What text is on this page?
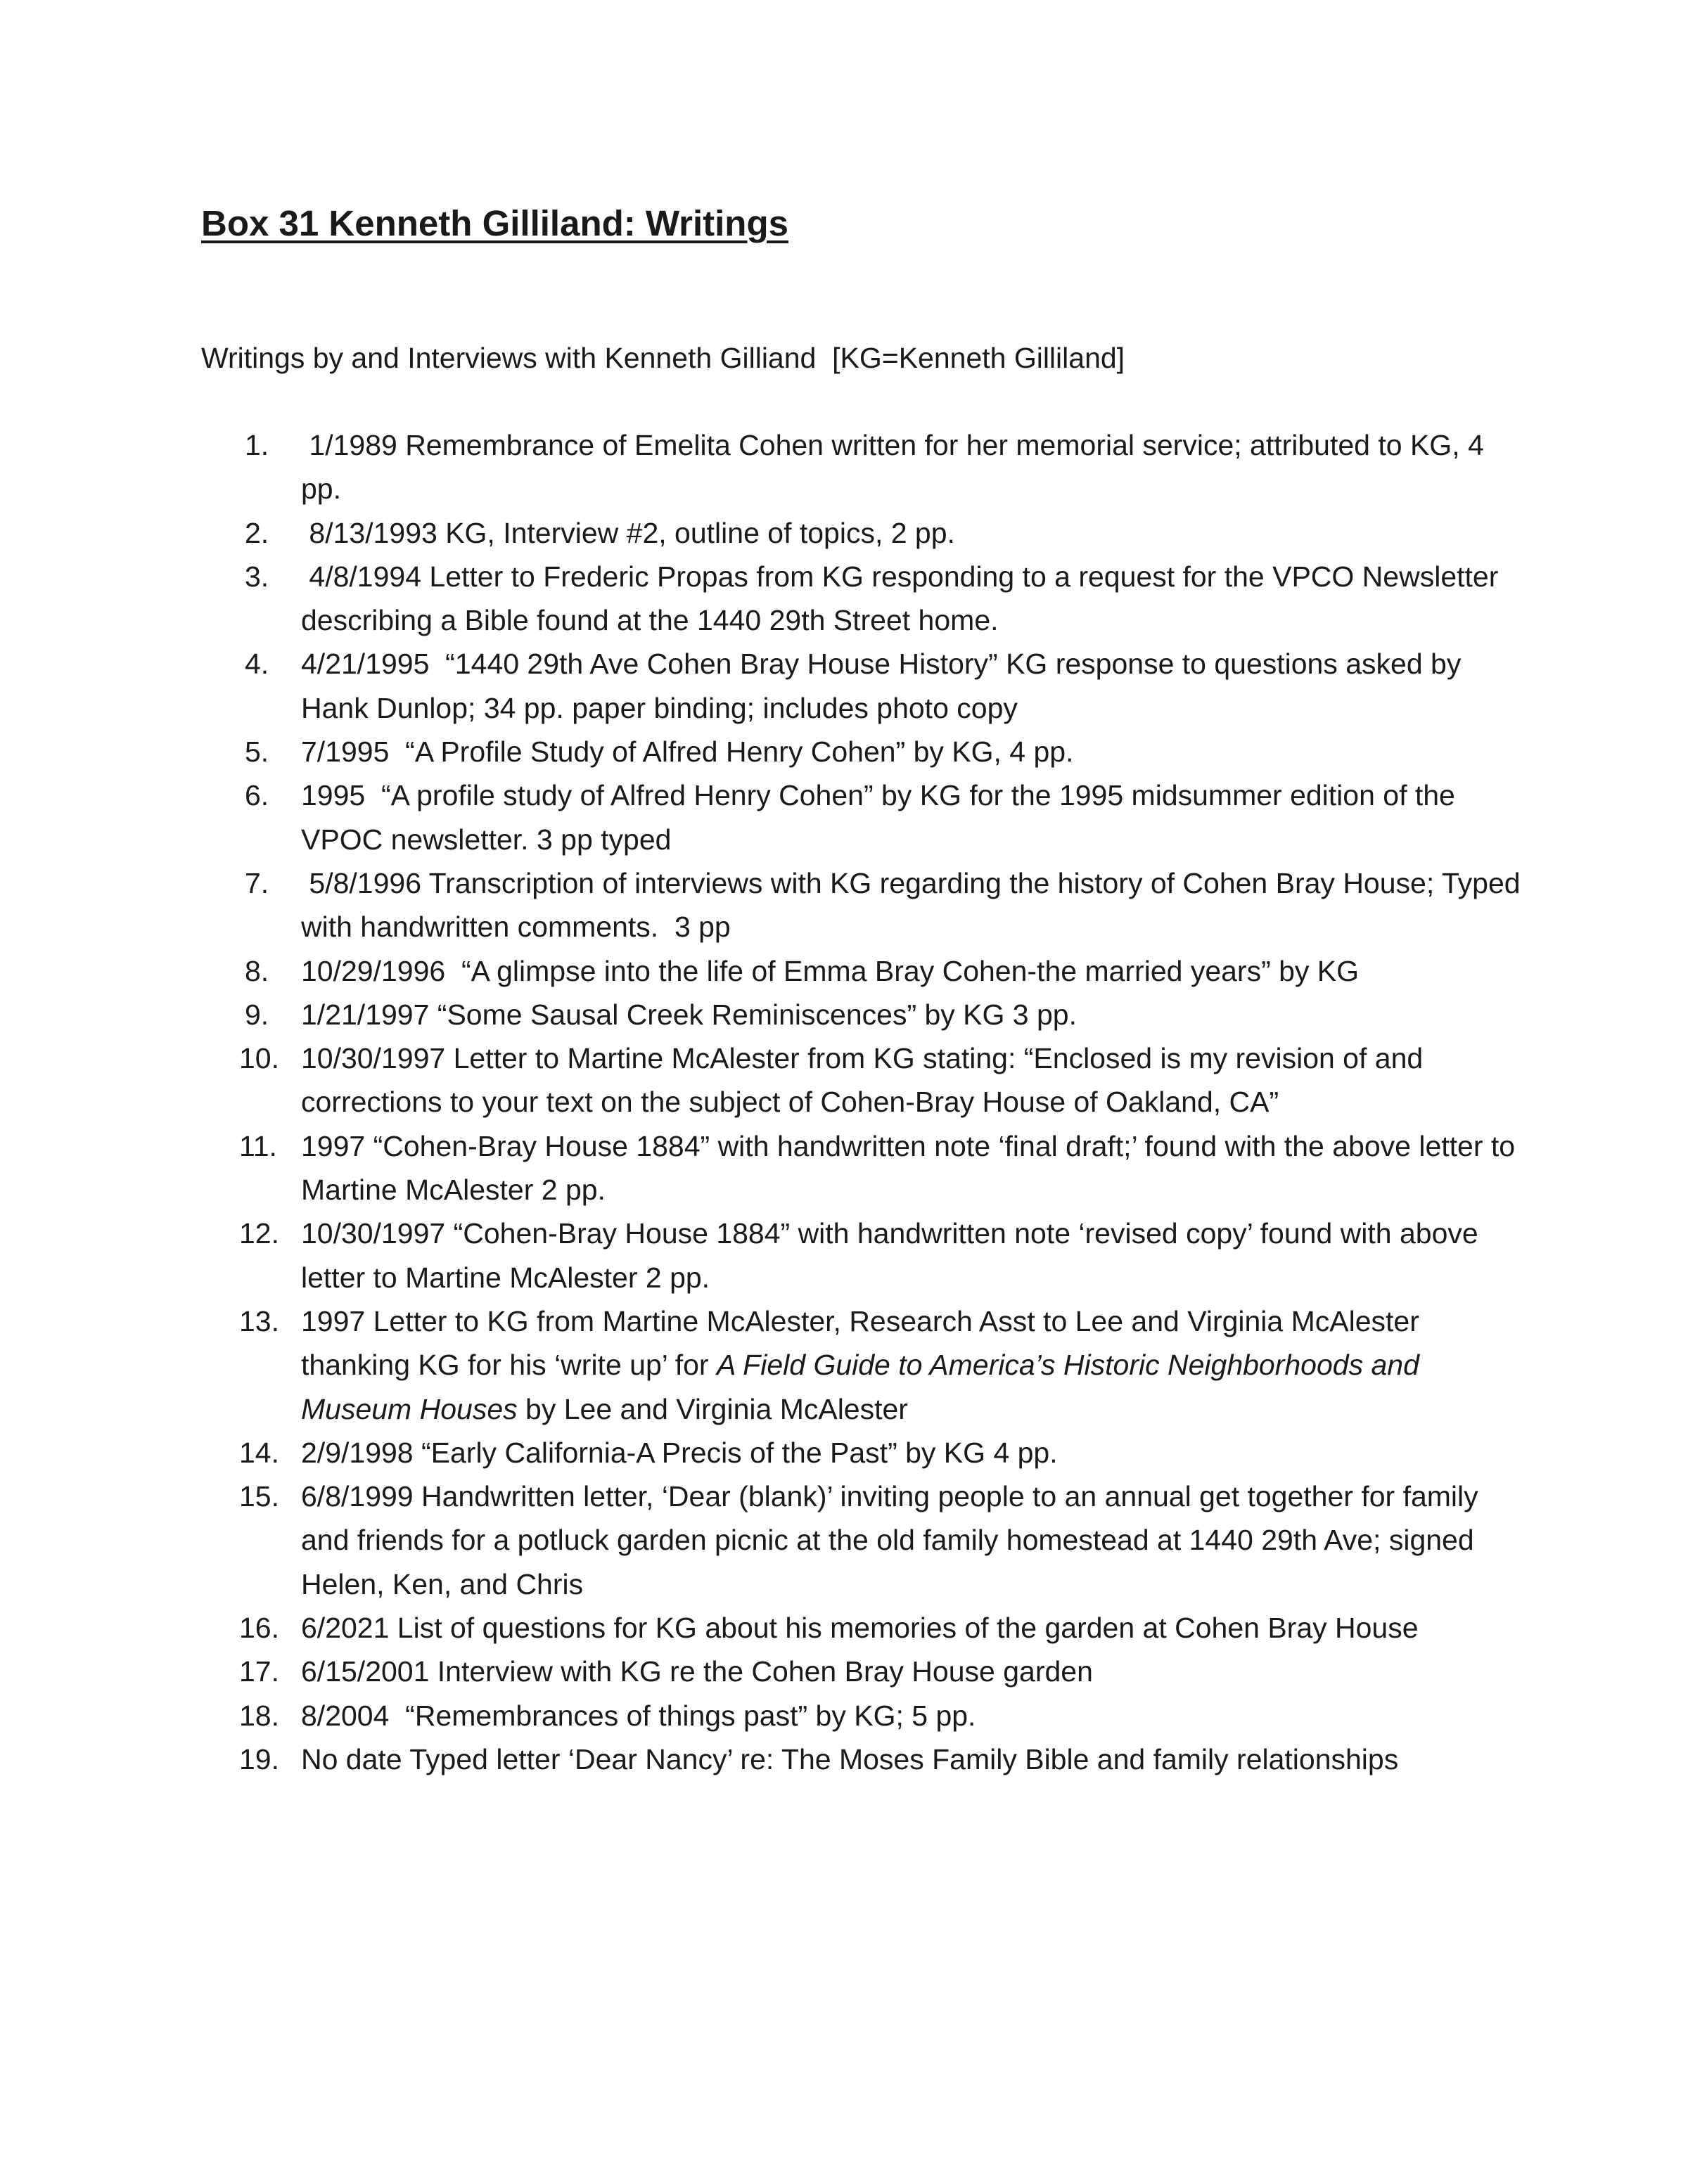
Box 31 Kenneth Gilliland: Writings

Writings by and Interviews with Kenneth Gilliand  [KG=Kenneth Gilliland]

1. 1/1989 Remembrance of Emelita Cohen written for her memorial service; attributed to KG, 4 pp.
2. 8/13/1993 KG, Interview #2, outline of topics, 2 pp.
3. 4/8/1994 Letter to Frederic Propas from KG responding to a request for the VPCO Newsletter describing a Bible found at the 1440 29th Street home.
4. 4/21/1995  “1440 29th Ave Cohen Bray House History” KG response to questions asked by Hank Dunlop; 34 pp. paper binding; includes photo copy
5. 7/1995  “A Profile Study of Alfred Henry Cohen” by KG, 4 pp.
6. 1995  “A profile study of Alfred Henry Cohen” by KG for the 1995 midsummer edition of the VPOC newsletter. 3 pp typed
7. 5/8/1996 Transcription of interviews with KG regarding the history of Cohen Bray House; Typed with handwritten comments.  3 pp
8. 10/29/1996  “A glimpse into the life of Emma Bray Cohen-the married years” by KG
9. 1/21/1997 “Some Sausal Creek Reminiscences” by KG 3 pp.
10. 10/30/1997 Letter to Martine McAlester from KG stating: “Enclosed is my revision of and corrections to your text on the subject of Cohen-Bray House of Oakland, CA”
11. 1997 “Cohen-Bray House 1884” with handwritten note ‘final draft;’ found with the above letter to Martine McAlester 2 pp.
12. 10/30/1997 “Cohen-Bray House 1884” with handwritten note ‘revised copy’ found with above letter to Martine McAlester 2 pp.
13. 1997 Letter to KG from Martine McAlester, Research Asst to Lee and Virginia McAlester thanking KG for his ‘write up’ for A Field Guide to America’s Historic Neighborhoods and Museum Houses by Lee and Virginia McAlester
14. 2/9/1998 “Early California-A Precis of the Past” by KG 4 pp.
15. 6/8/1999 Handwritten letter, ‘Dear (blank)’ inviting people to an annual get together for family and friends for a potluck garden picnic at the old family homestead at 1440 29th Ave; signed Helen, Ken, and Chris
16. 6/2021 List of questions for KG about his memories of the garden at Cohen Bray House
17. 6/15/2001 Interview with KG re the Cohen Bray House garden
18. 8/2004  “Remembrances of things past” by KG; 5 pp.
19. No date Typed letter ‘Dear Nancy’ re: The Moses Family Bible and family relationships
